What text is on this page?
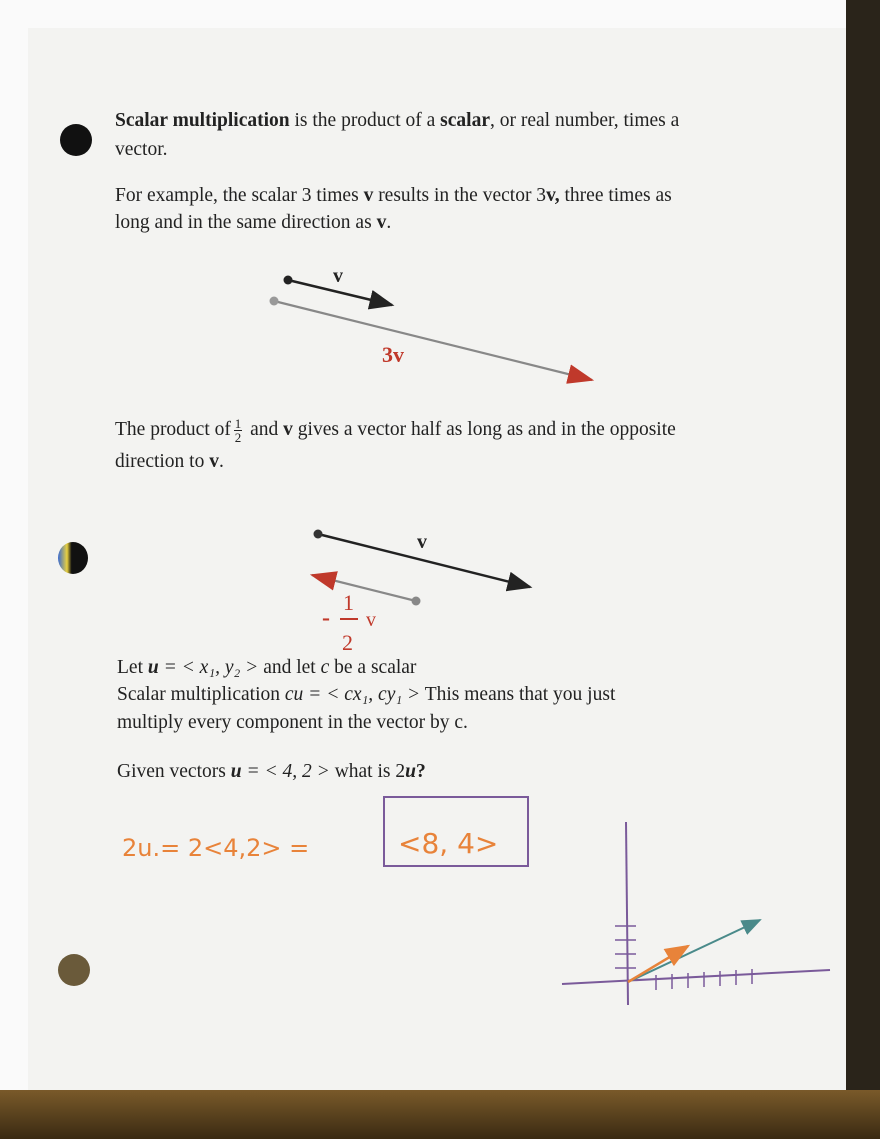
Scalar multiplication is the product of a scalar, or real number, times a
vector.
For example, the scalar 3 times v results in the vector 3v, three times as
long and in the same direction as v.
v
3v
v
-
1
2
v
2u.= 2<4,2> =	<8, 4>
The product of
$\frac{1}{2}$ and v gives a vector half as long as and in the opposite
direction to v.
Let u = < x₁, y₂ > and let c be a scalar
Scalar multiplication cu = < cx₁, cy₁ > This means that you just
multiply every component in the vector by c.
Given vectors u = < 4, 2 > what is 2u?
